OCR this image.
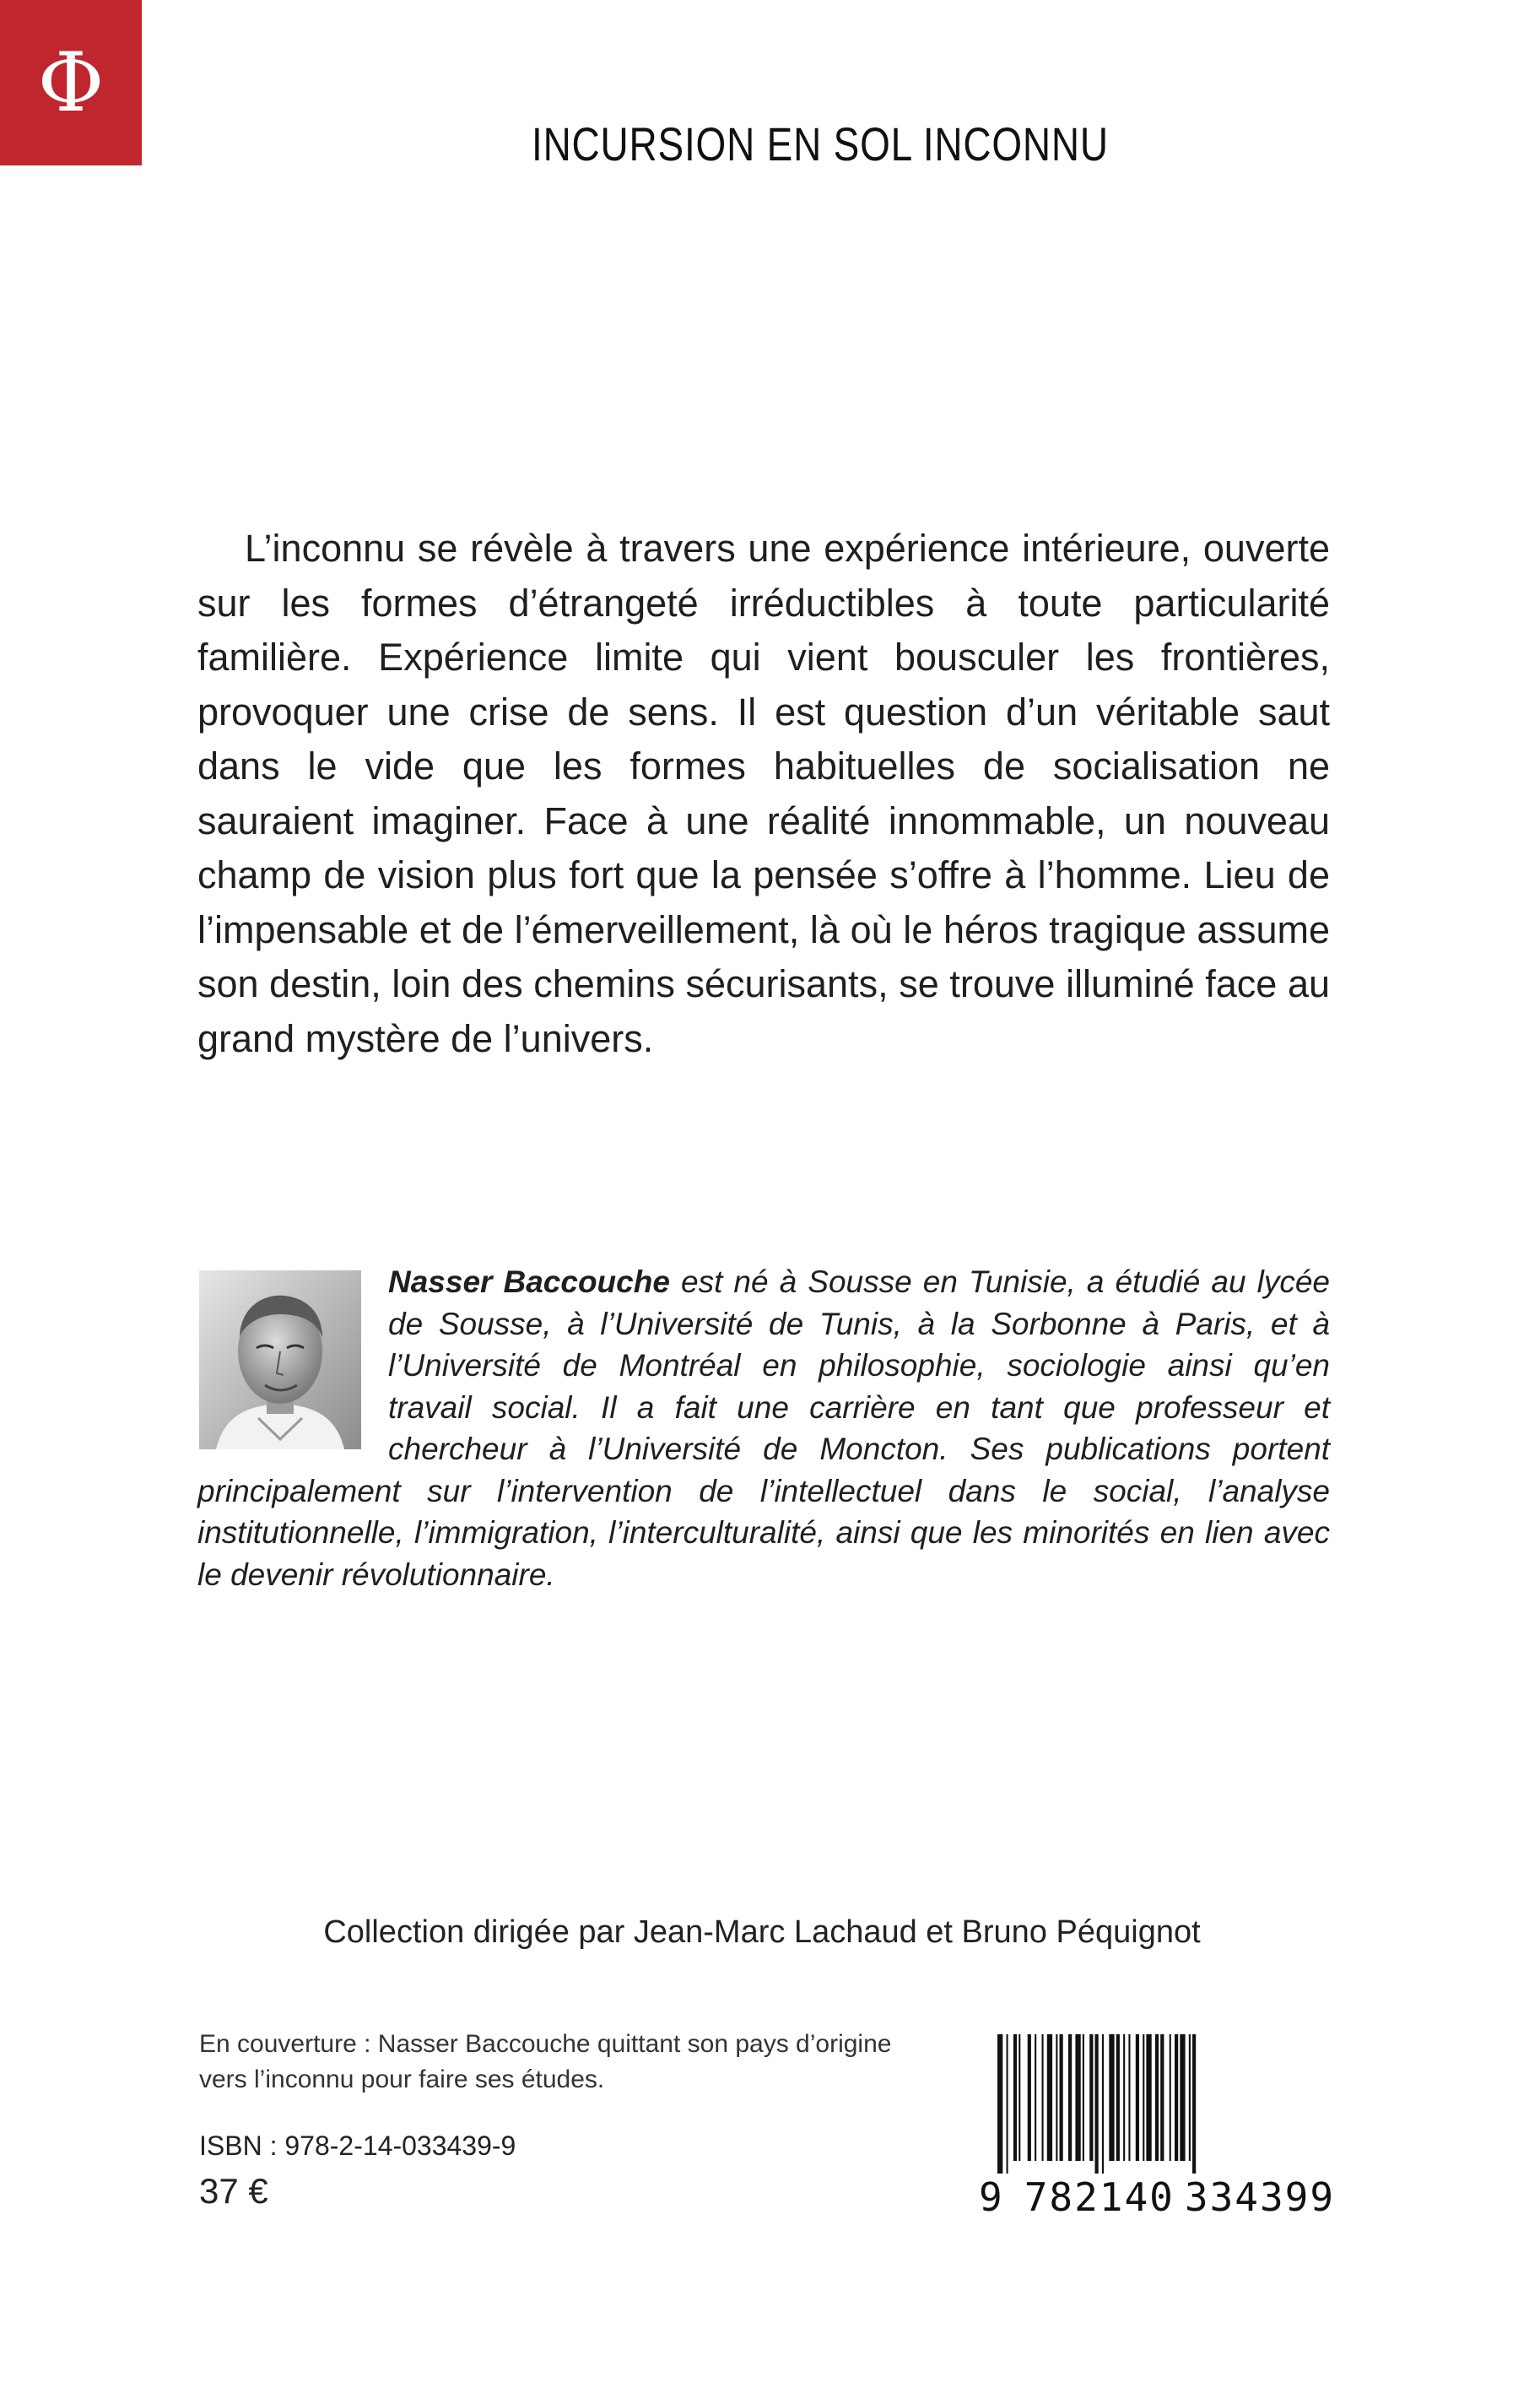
Φ
INCURSION EN SOL INCONNU

L’inconnu se révèle à travers une expérience intérieure, ouverte sur les formes d’étrangeté irréductibles à toute particularité familière. Expérience limite qui vient bousculer les frontières, provoquer une crise de sens. Il est question d’un véritable saut dans le vide que les formes habituelles de socialisation ne sauraient imaginer. Face à une réalité innommable, un nouveau champ de vision plus fort que la pensée s’offre à l’homme. Lieu de l’impensable et de l’émerveillement, là où le héros tragique assume son destin, loin des chemins sécurisants, se trouve illuminé face au grand mystère de l’univers.

Nasser Baccouche est né à Sousse en Tunisie, a étudié au lycée de Sousse, à l’Université de Tunis, à la Sorbonne à Paris, et à l’Université de Montréal en philosophie, sociologie ainsi qu’en travail social. Il a fait une carrière en tant que professeur et chercheur à l’Université de Moncton. Ses publications portent principalement sur l’intervention de l’intellectuel dans le social, l’analyse institutionnelle, l’immigration, l’interculturalité, ainsi que les minorités en lien avec le devenir révolutionnaire.

Collection dirigée par Jean-Marc Lachaud et Bruno Péquignot

En couverture : Nasser Baccouche quittant son pays d’origine
vers l’inconnu pour faire ses études.

ISBN : 978-2-14-033439-9
37 €	9 782140 334399
